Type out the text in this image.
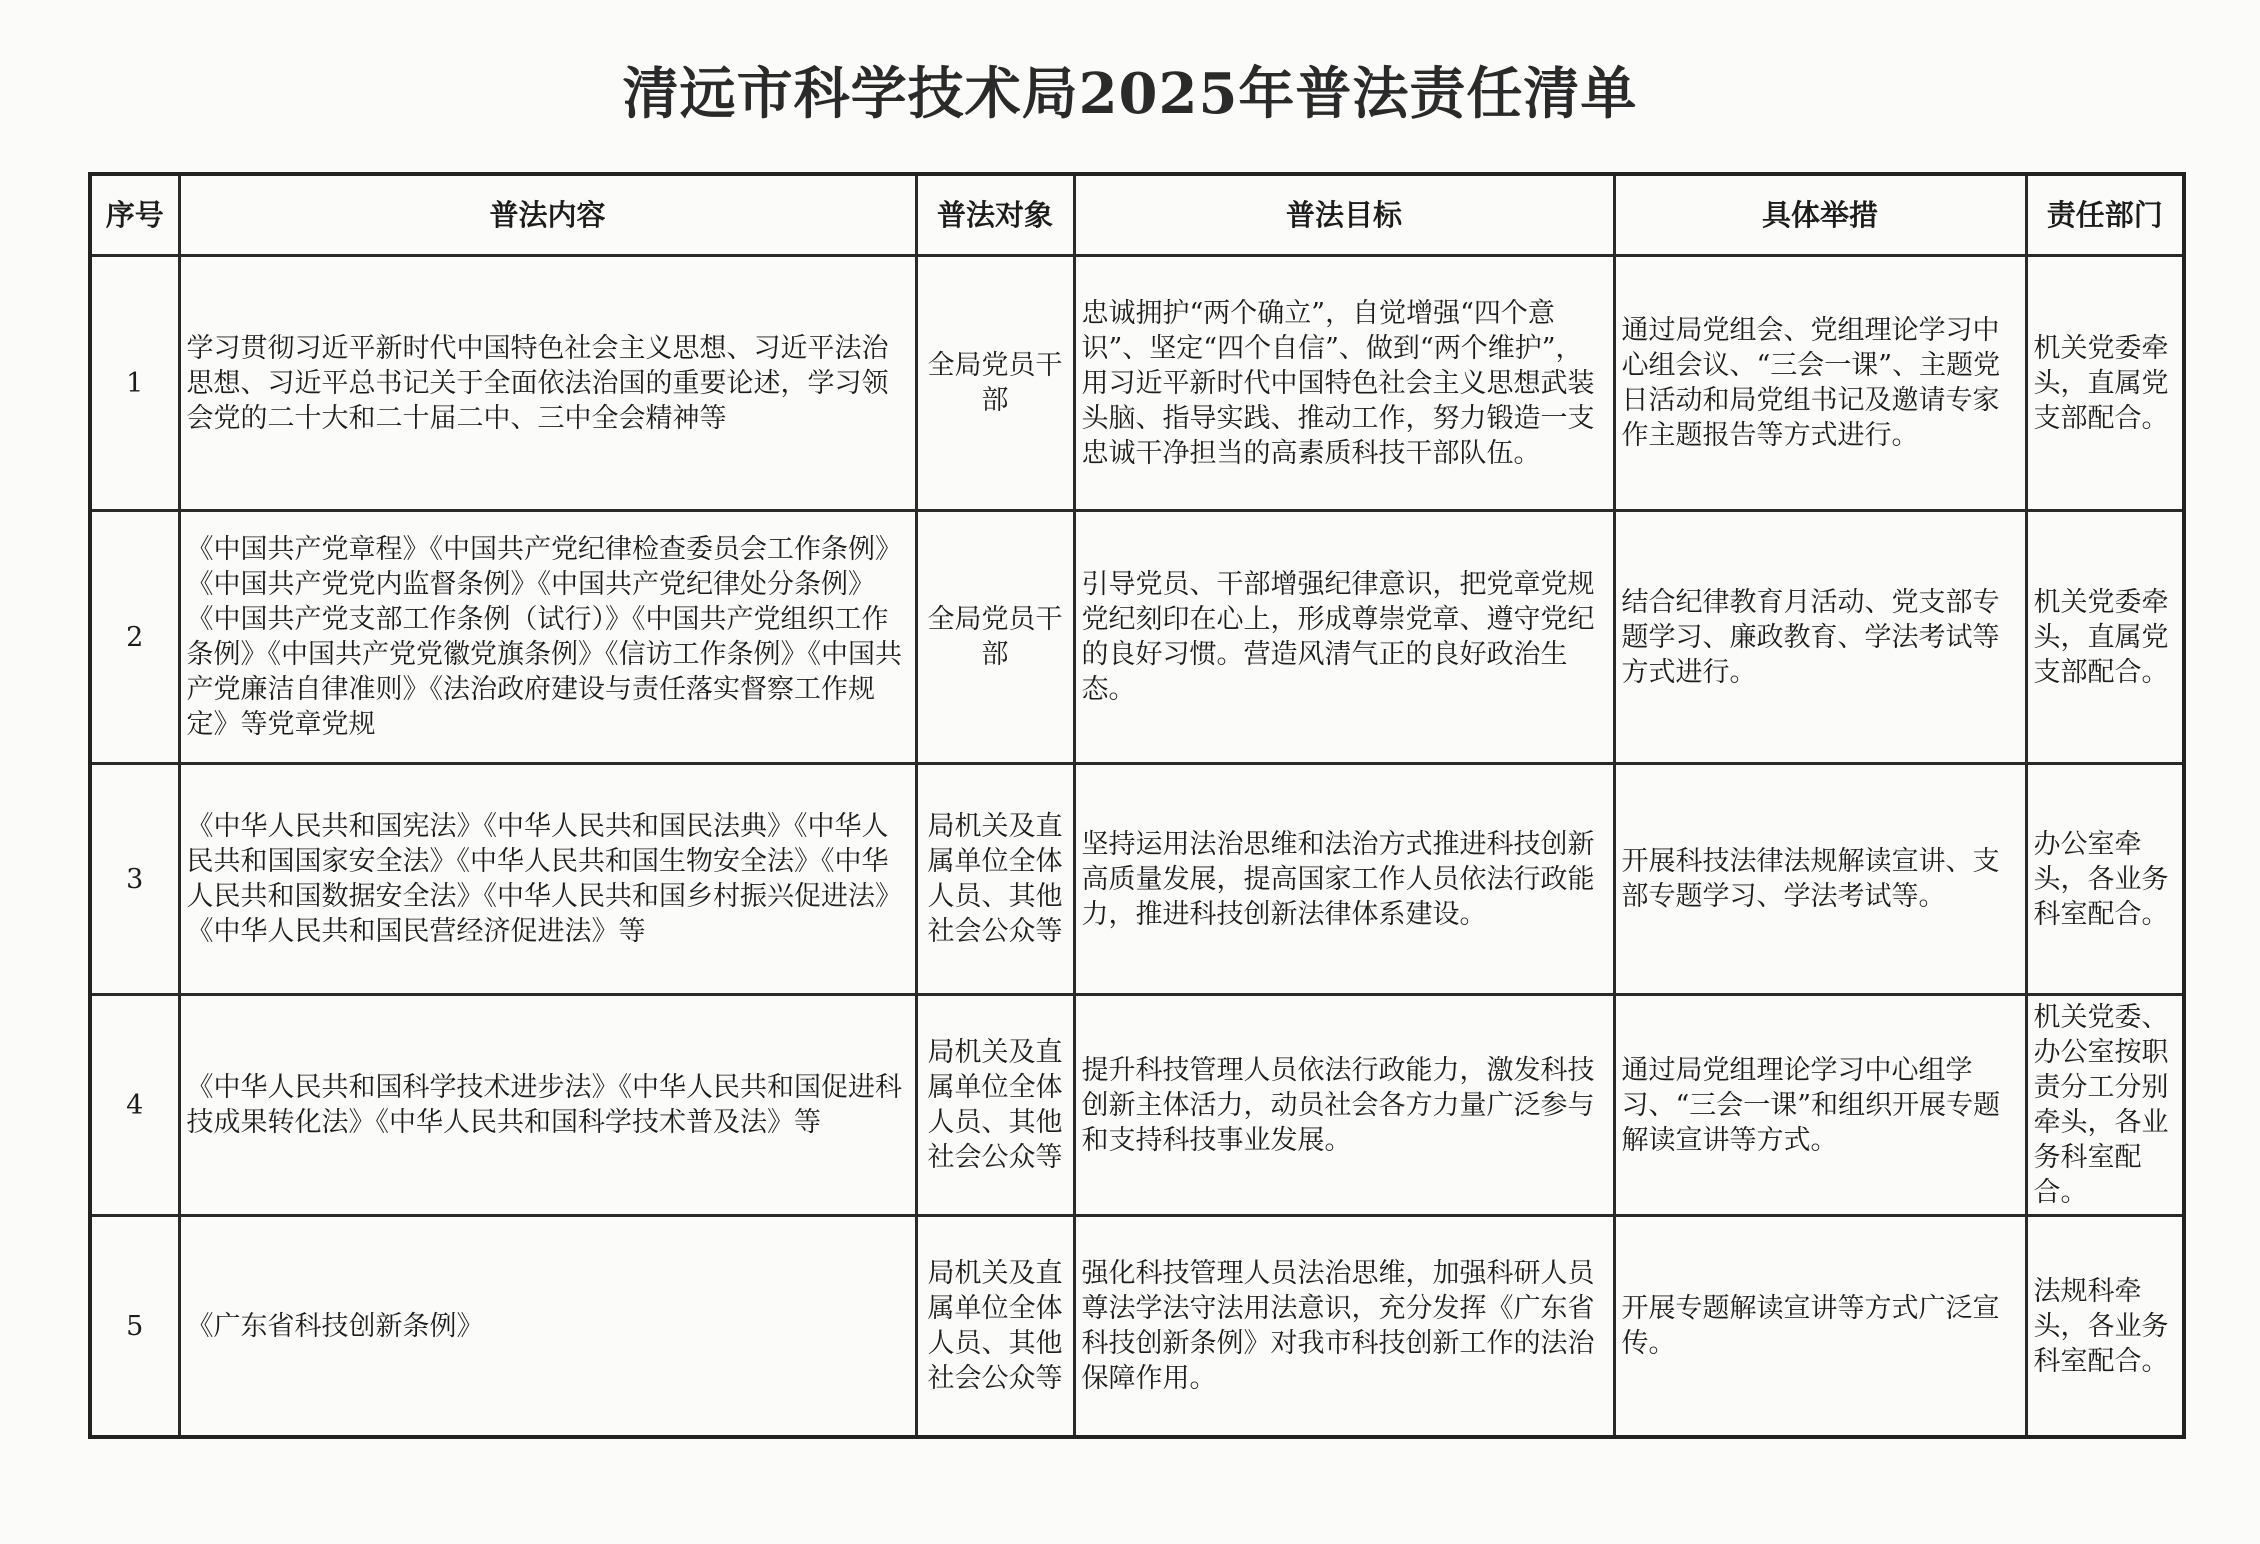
清远市科学技术局2025年普法责任清单
序号	普法内容	普法对象	普法目标	具体举措	责任部门
1	学习贯彻习近平新时代中国特色社会主义思想、习近平法治思想、习近平总书记关于全面依法治国的重要论述，学习领会党的二十大和二十届二中、三中全会精神等	全局党员干部	忠诚拥护“两个确立”，自觉增强“四个意识”、坚定“四个自信”、做到“两个维护”，用习近平新时代中国特色社会主义思想武装头脑、指导实践、推动工作，努力锻造一支忠诚干净担当的高素质科技干部队伍。	通过局党组会、党组理论学习中心组会议、“三会一课”、主题党日活动和局党组书记及邀请专家作主题报告等方式进行。	机关党委牵头，直属党支部配合。
2	《中国共产党章程》《中国共产党纪律检查委员会工作条例》《中国共产党党内监督条例》《中国共产党纪律处分条例》《中国共产党支部工作条例（试行）》《中国共产党组织工作条例》《中国共产党党徽党旗条例》《信访工作条例》《中国共产党廉洁自律准则》《法治政府建设与责任落实督察工作规定》等党章党规	全局党员干部	引导党员、干部增强纪律意识，把党章党规党纪刻印在心上，形成尊崇党章、遵守党纪的良好习惯。营造风清气正的良好政治生态。	结合纪律教育月活动、党支部专题学习、廉政教育、学法考试等方式进行。	机关党委牵头，直属党支部配合。
3	《中华人民共和国宪法》《中华人民共和国民法典》《中华人民共和国国家安全法》《中华人民共和国生物安全法》《中华人民共和国数据安全法》《中华人民共和国乡村振兴促进法》《中华人民共和国民营经济促进法》等	局机关及直属单位全体人员、其他社会公众等	坚持运用法治思维和法治方式推进科技创新高质量发展，提高国家工作人员依法行政能力，推进科技创新法律体系建设。	开展科技法律法规解读宣讲、支部专题学习、学法考试等。	办公室牵头，各业务科室配合。
4	《中华人民共和国科学技术进步法》《中华人民共和国促进科技成果转化法》《中华人民共和国科学技术普及法》等	局机关及直属单位全体人员、其他社会公众等	提升科技管理人员依法行政能力，激发科技创新主体活力，动员社会各方力量广泛参与和支持科技事业发展。	通过局党组理论学习中心组学习、“三会一课”和组织开展专题解读宣讲等方式。	机关党委、办公室按职责分工分别牵头，各业务科室配合。
5	《广东省科技创新条例》	局机关及直属单位全体人员、其他社会公众等	强化科技管理人员法治思维，加强科研人员尊法学法守法用法意识，充分发挥《广东省科技创新条例》对我市科技创新工作的法治保障作用。	开展专题解读宣讲等方式广泛宣传。	法规科牵头，各业务科室配合。
